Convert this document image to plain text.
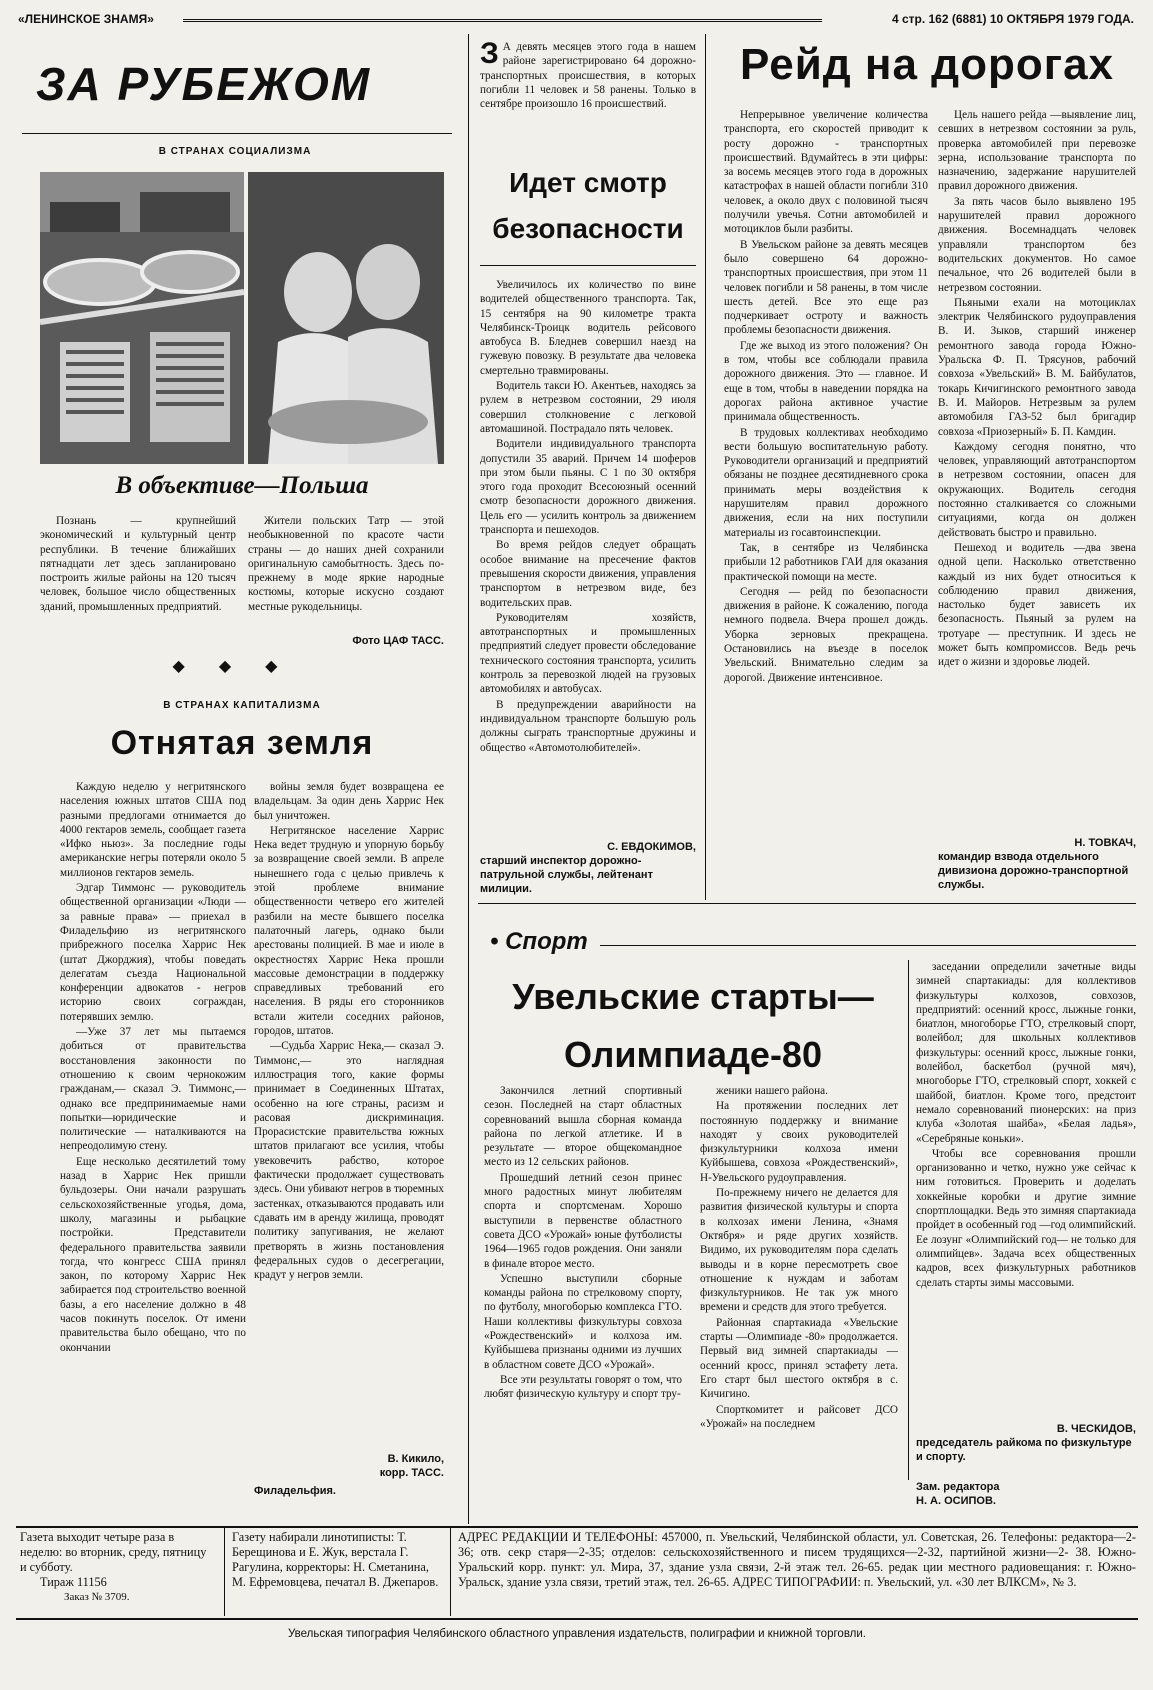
«ЛЕНИНСКОЕ ЗНАМЯ»	4 стр. 162 (6881) 10 ОКТЯБРЯ 1979 ГОДА.
ЗА РУБЕЖОМ
В СТРАНАХ СОЦИАЛИЗМА
В объективе—Польша

Познань — крупнейший экономический и культурный центр республики. В течение ближайших пятнадцати лет здесь запланировано построить жилые районы на 120 тысяч человек, большое число общественных зданий, промышленных предприятий.

Жители польских Татр — этой необыкновенной по красоте части страны — до наших дней сохранили оригинальную самобытность. Здесь по-прежнему в моде яркие народные костюмы, которые искусно создают местные рукодельницы.

Фото ЦАФ ТАСС.
◆◆◆
В СТРАНАХ КАПИТАЛИЗМА
Отнятая земля

Каждую неделю у негритянского населения южных штатов США под разными предлогами отнимается до 4000 гектаров земель, сообщает газета «Ифко ньюз». За последние годы американские негры потеряли около 5 миллионов гектаров земель.

Эдгар Тиммонс — руководитель общественной организации «Люди — за равные права» — приехал в Филадельфию из негритянского прибрежного поселка Харрис Нек (штат Джорджия), чтобы поведать делегатам съезда Национальной конференции адвокатов - негров историю своих сограждан, потерявших землю.

—Уже 37 лет мы пытаемся добиться от правительства восстановления законности по отношению к своим чернокожим гражданам,— сказал Э. Тиммонс,— однако все предпринимаемые нами попытки—юридические и политические — наталкиваются на непреодолимую стену.

Еще несколько десятилетий тому назад в Харрис Нек пришли бульдозеры. Они начали разрушать сельскохозяйственные угодья, дома, школу, магазины и рыбацкие постройки. Представители федерального правительства заявили тогда, что конгресс США принял закон, по которому Харрис Нек забирается под строительство военной базы, а его население должно в 48 часов покинуть поселок. От имени правительства было обещано, что по окончании

войны земля будет возвращена ее владельцам. За один день Харрис Нек был уничтожен.

Негритянское население Харрис Нека ведет трудную и упорную борьбу за возвращение своей земли. В апреле нынешнего года с целью привлечь к этой проблеме внимание общественности четверо его жителей разбили на месте бывшего поселка палаточный лагерь, однако были арестованы полицией. В мае и июле в окрестностях Харрис Нека прошли массовые демонстрации в поддержку справедливых требований его населения. В ряды его сторонников встали жители соседних районов, городов, штатов.

—Судьба Харрис Нека,— сказал Э. Тиммонс,— это наглядная иллюстрация того, какие формы принимает в Соединенных Штатах, особенно на юге страны, расизм и расовая дискриминация. Прорасистские правительства южных штатов прилагают все усилия, чтобы увековечить рабство, которое фактически продолжает существовать здесь. Они убивают негров в тюремных застенках, отказываются продавать или сдавать им в аренду жилища, проводят политику запугивания, не желают претворять в жизнь постановления федеральных судов о десегрегации, крадут у негров земли.

В. Кикило,
корр. ТАСС.
Филадельфия.
З А девять месяцев этого года в нашем районе зарегистрировано 64 дорожно-транспортных происшествия, в которых погибли 11 человек и 58 ранены. Только в сентябре произошло 16 происшествий.
Идет смотр
безопасности

Увеличилось их количество по вине водителей общественного транспорта. Так, 15 сентября на 90 километре тракта Челябинск-Троицк водитель рейсового автобуса В. Бледнев совершил наезд на гужевую повозку. В результате два человека смертельно травмированы.

Водитель такси Ю. Акентьев, находясь за рулем в нетрезвом состоянии, 29 июля совершил столкновение с легковой автомашиной. Пострадало пять человек.

Водители индивидуального транспорта допустили 35 аварий. Причем 14 шоферов при этом были пьяны. С 1 по 30 октября этого года проходит Всесоюзный осенний смотр безопасности дорожного движения. Цель его — усилить контроль за движением транспорта и пешеходов.

Во время рейдов следует обращать особое внимание на пресечение фактов превышения скорости движения, управления транспортом в нетрезвом виде, без водительских прав.

Руководителям хозяйств, автотранспортных и промышленных предприятий следует провести обследование технического состояния транспорта, усилить контроль за перевозкой людей на грузовых автомобилях и автобусах.

В предупреждении аварийности на индивидуальном транспорте большую роль должны сыграть транспортные дружины и общество «Автомотолюбителей».

С. ЕВДОКИМОВ,
старший инспектор дорожно-патрульной службы, лейтенант милиции.
Рейд на дорогах

Непрерывное увеличение количества транспорта, его скоростей приводит к росту дорожно - транспортных происшествий. Вдумайтесь в эти цифры: за восемь месяцев этого года в дорожных катастрофах в нашей области погибли 310 человек, а около двух с половиной тысяч получили увечья. Сотни автомобилей и мотоциклов были разбиты.

В Увельском районе за девять месяцев было совершено 64 дорожно-транспортных происшествия, при этом 11 человек погибли и 58 ранены, в том числе шесть детей. Все это еще раз подчеркивает остроту и важность проблемы безопасности движения.

Где же выход из этого положения? Он в том, чтобы все соблюдали правила дорожного движения. Это — главное. И еще в том, чтобы в наведении порядка на дорогах района активное участие принимала общественность.

В трудовых коллективах необходимо вести большую воспитательную работу. Руководители организаций и предприятий обязаны не позднее десятидневного срока принимать меры воздействия к нарушителям правил дорожного движения, если на них поступили материалы из госавтоинспекции.

Так, в сентябре из Челябинска прибыли 12 работников ГАИ для оказания практической помощи на месте.

Сегодня — рейд по безопасности движения в районе. К сожалению, погода немного подвела. Вчера прошел дождь. Уборка зерновых прекращена. Остановились на въезде в поселок Увельский. Внимательно следим за дорогой. Движение интенсивное.

Цель нашего рейда —выявление лиц, севших в нетрезвом состоянии за руль, проверка автомобилей при перевозке зерна, использование транспорта по назначению, задержание нарушителей правил дорожного движения.

За пять часов было выявлено 195 нарушителей правил дорожного движения. Восемнадцать человек управляли транспортом без водительских документов. Но самое печальное, что 26 водителей были в нетрезвом состоянии.

Пьяными ехали на мотоциклах электрик Челябинского рудоуправления В. И. Зыков, старший инженер ремонтного завода города Южно-Уральска Ф. П. Трясунов, рабочий совхоза «Увельский» В. М. Байбулатов, токарь Кичигинского ремонтного завода В. И. Майоров. Нетрезвым за рулем автомобиля ГАЗ-52 был бригадир совхоза «Приозерный» Б. П. Камдин.

Каждому сегодня понятно, что человек, управляющий автотранспортом в нетрезвом состоянии, опасен для окружающих. Водитель сегодня постоянно сталкивается со сложными ситуациями, когда он должен действовать быстро и правильно.

Пешеход и водитель —два звена одной цепи. Насколько ответственно каждый из них будет относиться к соблюдению правил движения, настолько будет зависеть их безопасность. Пьяный за рулем на тротуаре — преступник. И здесь не может быть компромиссов. Ведь речь идет о жизни и здоровье людей.

Н. ТОВКАЧ,
командир взвода отдельного дивизиона дорожно-транспортной службы.
• Спорт
Увельские старты—
Олимпиаде-80

Закончился летний спортивный сезон. Последней на старт областных соревнований вышла сборная команда района по легкой атлетике. И в результате — второе общекомандное место из 12 сельских районов.

Прошедший летний сезон принес много радостных минут любителям спорта и спортсменам. Хорошо выступили в первенстве областного совета ДСО «Урожай» юные футболисты 1964—1965 годов рождения. Они заняли в финале второе место.

Успешно выступили сборные команды района по стрелковому спорту, по футболу, многоборью комплекса ГТО. Наши коллективы физкультуры совхоза «Рождественский» и колхоза им. Куйбышева признаны одними из лучших в областном совете ДСО «Урожай».

Все эти результаты говорят о том, что любят физическую культуру и спорт тру-

женики нашего района.

На протяжении последних лет постоянную поддержку и внимание находят у своих руководителей физкультурники колхоза имени Куйбышева, совхоза «Рождественский», Н-Увельского рудоуправления.

По-прежнему ничего не делается для развития физической культуры и спорта в колхозах имени Ленина, «Знамя Октября» и ряде других хозяйств. Видимо, их руководителям пора сделать выводы и в корне пересмотреть свое отношение к нуждам и заботам физкультурников. Не так уж много времени и средств для этого требуется.

Районная спартакиада «Увельские старты —Олимпиаде -80» продолжается. Первый вид зимней спартакиады — осенний кросс, принял эстафету лета. Его старт был шестого октября в с. Кичигино.

Спорткомитет и райсовет ДСО «Урожай» на последнем

заседании определили зачетные виды зимней спартакиады: для коллективов физкультуры колхозов, совхозов, предприятий: осенний кросс, лыжные гонки, биатлон, многоборье ГТО, стрелковый спорт, волейбол; для школьных коллективов физкультуры: осенний кросс, лыжные гонки, волейбол, баскетбол (ручной мяч), многоборье ГТО, стрелковый спорт, хоккей с шайбой, биатлон. Кроме того, предстоит немало соревнований пионерских: на приз клуба «Золотая шайба», «Белая ладья», «Серебряные коньки».

Чтобы все соревнования прошли организованно и четко, нужно уже сейчас к ним готовиться. Проверить и доделать хоккейные коробки и другие зимние спортплощадки. Ведь это зимняя спартакиада пройдет в особенный год —год олимпийский. Ее лозунг «Олимпийский год— не только для олимпийцев». Задача всех общественных кадров, всех физкультурных работников сделать старты зимы массовыми.

В. ЧЕСКИДОВ,
председатель райкома по физкультуре и спорту.
Зам. редактора
Н. А. ОСИПОВ.
Газета выходит четыре раза в неделю: во вторник, среду, пятницу и субботу.
Тираж 11156
Заказ № 3709.
Газету набирали линотиписты: Т. Берещинова и Е. Жук, верстала Г. Рагулина, корректоры: Н. Сметанина, М. Ефремовцева, печатал В. Джепаров.
АДРЕС РЕДАКЦИИ И ТЕЛЕФОНЫ: 457000, п. Увельский, Челябинской области, ул. Советская, 26. Телефоны: редактора—2-36; отв. секр старя—2-35; отделов: сельскохозяйственного и писем трудящихся—2-32, партийной жизни—2- 38. Южно-Уральский корр. пункт: ул. Мира, 37, здание узла связи, 2-й этаж тел. 26-65. редак ции местного радиовещания: г. Южно-Уральск, здание узла связи, третий этаж, тел. 26-65. АДРЕС ТИПОГРАФИИ: п. Увельский, ул. «30 лет ВЛКСМ», № 3.
Увельская типография Челябинского областного управления издательств, полиграфии и книжной торговли.
